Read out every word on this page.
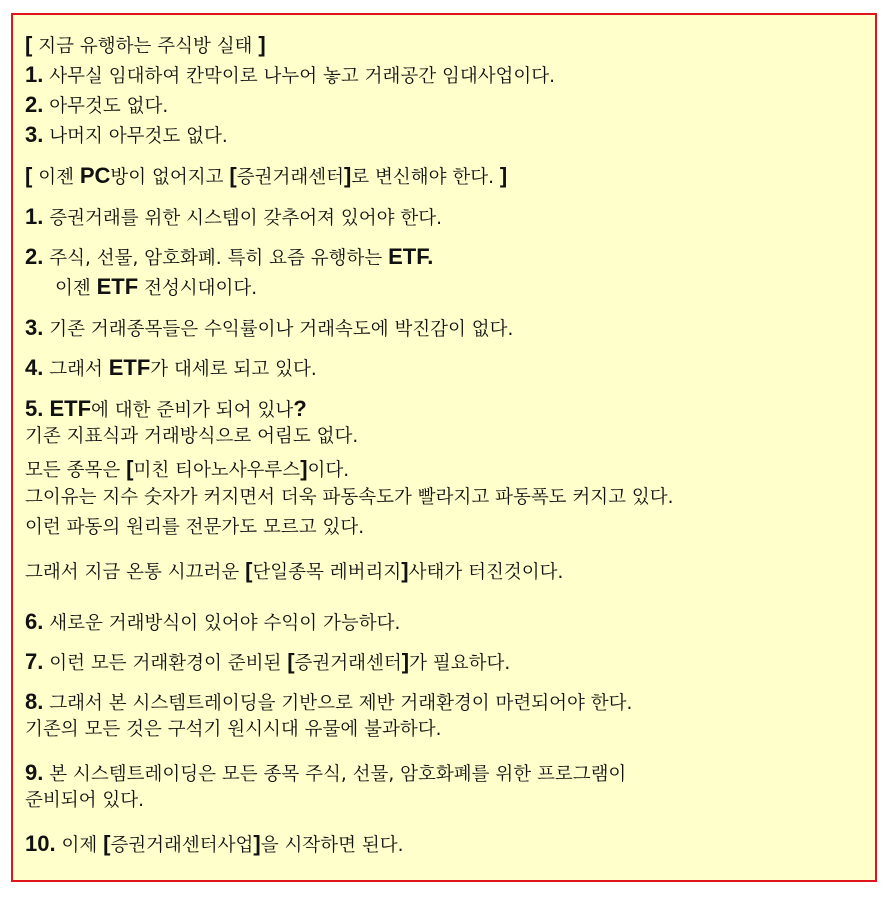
[ 지금 유행하는 주식방 실태 ]
1. 사무실 임대하여 칸막이로 나누어 놓고 거래공간 임대사업이다.
2. 아무것도 없다.
3. 나머지 아무것도 없다.
[ 이젠 PC방이 없어지고 [증권거래센터]로 변신해야 한다. ]
1. 증권거래를 위한 시스템이 갖추어져 있어야 한다.
2. 주식, 선물, 암호화폐. 특히 요즘 유행하는 ETF.
이젠 ETF 전성시대이다.
3. 기존 거래종목들은 수익률이나 거래속도에 박진감이 없다.
4. 그래서 ETF가 대세로 되고 있다.
5. ETF에 대한 준비가 되어 있나?
기존 지표식과 거래방식으로 어림도 없다.
모든 종목은 [미친 티아노사우루스]이다.
그이유는 지수 숫자가 커지면서 더욱 파동속도가 빨라지고 파동폭도 커지고 있다.
이런 파동의 원리를 전문가도 모르고 있다.
그래서 지금 온통 시끄러운 [단일종목 레버리지]사태가 터진것이다.
6. 새로운 거래방식이 있어야 수익이 가능하다.
7. 이런 모든 거래환경이 준비된 [증권거래센터]가 필요하다.
8. 그래서 본 시스템트레이딩을 기반으로 제반 거래환경이 마련되어야 한다.
기존의 모든 것은 구석기 원시시대 유물에 불과하다.
9. 본 시스템트레이딩은 모든 종목 주식, 선물, 암호화폐를 위한 프로그램이
준비되어 있다.
10. 이제 [증권거래센터사업]을 시작하면 된다.
